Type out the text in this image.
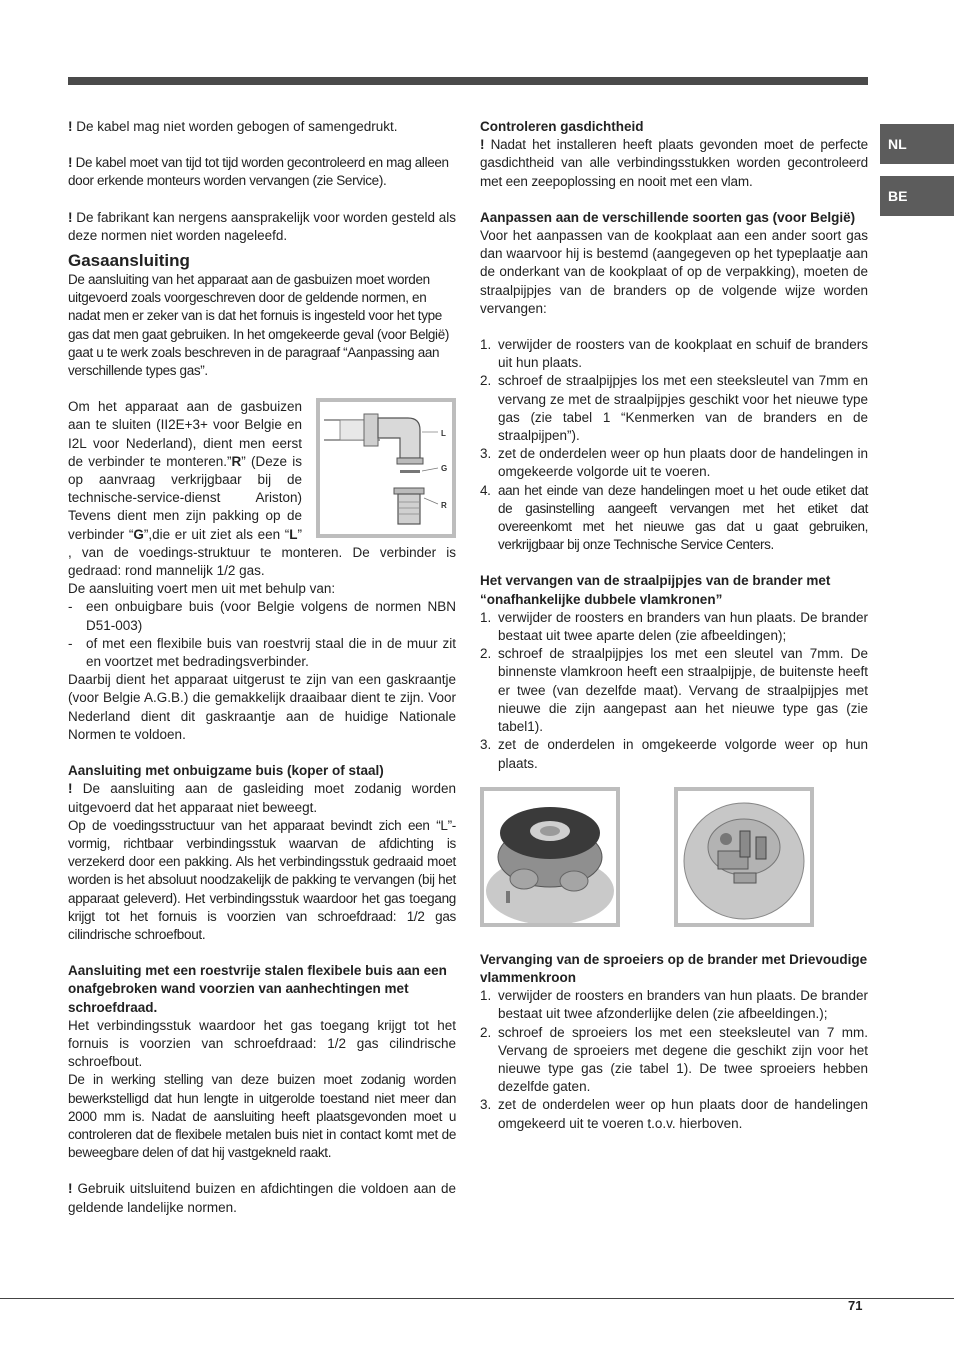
NL
BE

! De kabel mag niet worden gebogen of samengedrukt.

! De kabel moet van tijd tot tijd worden gecontroleerd en mag alleen door erkende monteurs worden vervangen (zie Service).

! De fabrikant kan nergens aansprakelijk voor worden gesteld als deze normen niet worden nageleefd.

Gasaansluiting

De aansluiting van het apparaat aan de gasbuizen moet worden uitgevoerd zoals voorgeschreven door de geldende normen, en nadat men er zeker van is dat het fornuis is ingesteld voor het type gas dat men gaat gebruiken. In het omgekeerde geval (voor België) gaat u te werk zoals beschreven in de paragraaf “Aanpassing aan verschillende types gas”.

L
G
R

Om het apparaat aan de gasbuizen aan te sluiten (II2E+3+ voor Belgie en I2L voor Nederland), dient men eerst de verbinder te monteren.”R” (Deze is op aanvraag verkrijgbaar bij de technische-service-dienst Ariston) Tevens dient men zijn pakking op de verbinder “G”,die er uit ziet als een “L” , van de voedings-struktuur te monteren. De verbinder is gedraad: rond mannelijk 1/2 gas.

De aansluiting voert men uit met behulp van:

- een onbuigbare buis (voor Belgie volgens de normen NBN D51-003)
- of met een flexibile buis van roestvrij staal die in de muur zit en voortzet met bedradingsverbinder.

Daarbij dient het apparaat uitgerust te zijn van een gaskraantje (voor Belgie A.G.B.) die gemakkelijk draaibaar dient te zijn. Voor Nederland dient dit gaskraantje aan de huidige Nationale Normen te voldoen.

Aansluiting met onbuigzame buis (koper of staal)

! De aansluiting aan de gasleiding moet zodanig worden uitgevoerd dat het apparaat niet beweegt.

Op de voedingsstructuur van het apparaat bevindt zich een “L”-vormig, richtbaar verbindingsstuk waarvan de afdichting is verzekerd door een pakking. Als het verbindingsstuk gedraaid moet worden is het absoluut noodzakelijk de pakking te vervangen (bij het apparaat geleverd). Het verbindingsstuk waardoor het gas toegang krijgt tot het fornuis is voorzien van schroefdraad: 1/2 gas cilindrische schroefbout.

Aansluiting met een roestvrije stalen flexibele buis aan een onafgebroken wand voorzien van aanhechtingen met schroefdraad.

Het verbindingsstuk waardoor het gas toegang krijgt tot het fornuis is voorzien van schroefdraad: 1/2 gas cilindrische schroefbout.

De in werking stelling van deze buizen moet zodanig worden bewerkstelligd dat hun lengte in uitgerolde toestand niet meer dan 2000 mm is. Nadat de aansluiting heeft plaatsgevonden moet u controleren dat de flexibele metalen buis niet in contact komt met de beweegbare delen of dat hij vastgekneld raakt.

! Gebruik uitsluitend buizen en afdichtingen die voldoen aan de geldende landelijke normen.

Controleren gasdichtheid

! Nadat het installeren heeft plaats gevonden moet de perfecte gasdichtheid van alle verbindingsstukken worden gecontroleerd met een zeepoplossing en nooit met een vlam.

Aanpassen aan de verschillende soorten gas (voor België)

Voor het aanpassen van de kookplaat aan een ander soort gas dan waarvoor hij is bestemd (aangegeven op het typeplaatje aan de onderkant van de kookplaat of op de verpakking), moeten de straalpijpjes van de branders op de volgende wijze worden vervangen:

1. verwijder de roosters van de kookplaat en schuif de branders uit hun plaats.
2. schroef de straalpijpjes los met een steeksleutel van 7mm en vervang ze met de straalpijpjes geschikt voor het nieuwe type gas (zie tabel 1 “Kenmerken van de branders en de straalpijpen”).
3. zet de onderdelen weer op hun plaats door de handelingen in omgekeerde volgorde uit te voeren.
4. aan het einde van deze handelingen moet u het oude etiket dat de gasinstelling aangeeft vervangen met het etiket dat overeenkomt met het nieuwe gas dat u gaat gebruiken, verkrijgbaar bij onze Technische Service Centers.

Het vervangen van de straalpijpjes van de brander met “onafhankelijke dubbele vlamkronen”

1. verwijder de roosters en branders van hun plaats. De brander bestaat uit twee aparte delen (zie afbeeldingen);
2. schroef de straalpijpjes los met een sleutel van 7mm. De binnenste vlamkroon heeft een straalpijpje, de buitenste heeft er twee (van dezelfde maat). Vervang de straalpijpjes met nieuwe die zijn aangepast aan het nieuwe type gas (zie tabel1).
3. zet de onderdelen in omgekeerde volgorde weer op hun plaats.

Vervanging van de sproeiers op de brander met Drievoudige vlammenkroon

1. verwijder de roosters en branders van hun plaats. De brander bestaat uit twee afzonderlijke delen (zie afbeeldingen.);
2. schroef de sproeiers los met een steeksleutel van 7 mm. Vervang de sproeiers met degene die geschikt zijn voor het nieuwe type gas (zie tabel 1). De twee sproeiers hebben dezelfde gaten.
3. zet de onderdelen weer op hun plaats door de handelingen omgekeerd uit te voeren t.o.v. hierboven.
71
